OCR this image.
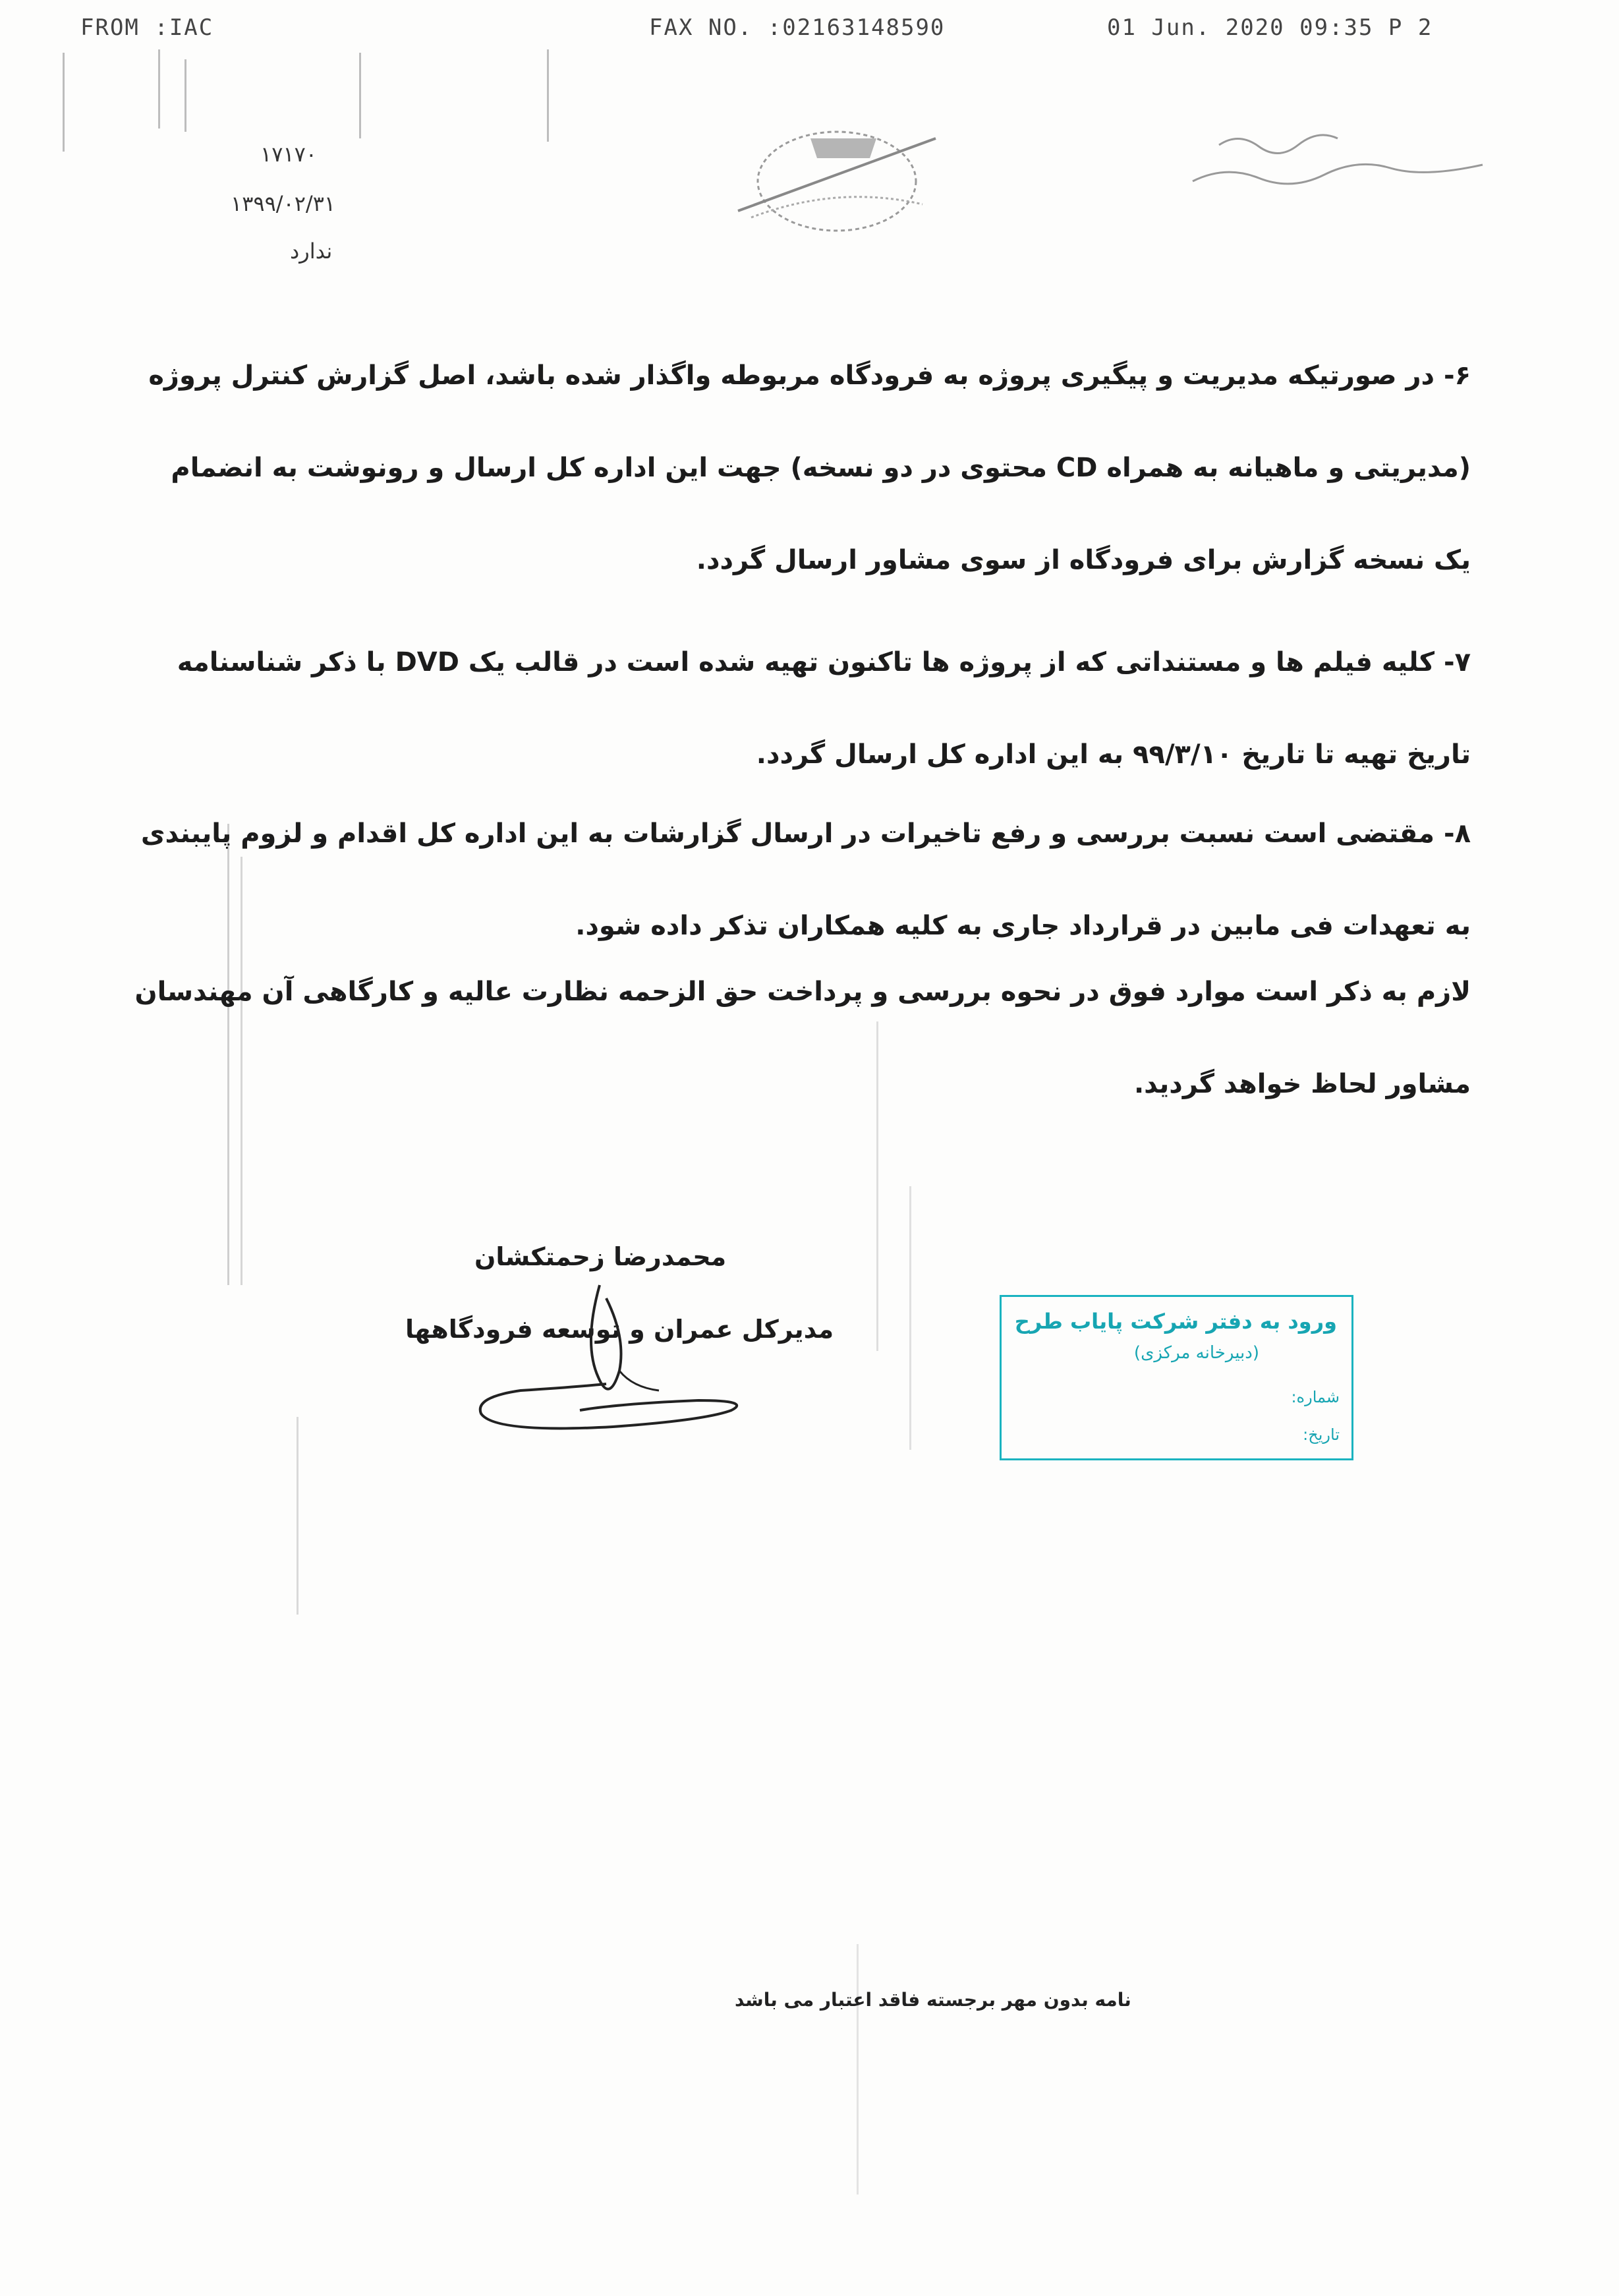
FROM :IAC	FAX NO. :02163148590	01 Jun. 2020 09:35 P 2
۱۷۱۷۰
۱۳۹۹/۰۲/۳۱
ندارد
۶- در صورتیکه مدیریت و پیگیری پروژه به فرودگاه مربوطه واگذار شده باشد، اصل گزارش کنترل پروژه
(مدیریتی و ماهیانه به همراه CD محتوی در دو نسخه) جهت این اداره کل ارسال و رونوشت به انضمام
یک نسخه گزارش برای فرودگاه از سوی مشاور ارسال گردد.
۷- کلیه فیلم ها و مستنداتی که از پروژه ها تاکنون تهیه شده است در قالب یک DVD با ذکر شناسنامه
تاریخ تهیه تا تاریخ ۹۹/۳/۱۰ به این اداره کل ارسال گردد.
۸- مقتضی است نسبت بررسی و رفع تاخیرات در ارسال گزارشات به این اداره کل اقدام و لزوم پایبندی
به تعهدات فی مابین در قرارداد جاری به کلیه همکاران تذکر داده شود.
لازم به ذکر است موارد فوق در نحوه بررسی و پرداخت حق الزحمه نظارت عالیه و کارگاهی آن مهندسان
مشاور لحاظ خواهد گردید.
محمدرضا زحمتکشان
مدیرکل عمران و توسعه فرودگاهها	ورود به دفتر شرکت پایاب طرح
(دبیرخانه مرکزی)
شماره:
تاریخ:
نامه بدون مهر برجسته فاقد اعتبار می باشد
